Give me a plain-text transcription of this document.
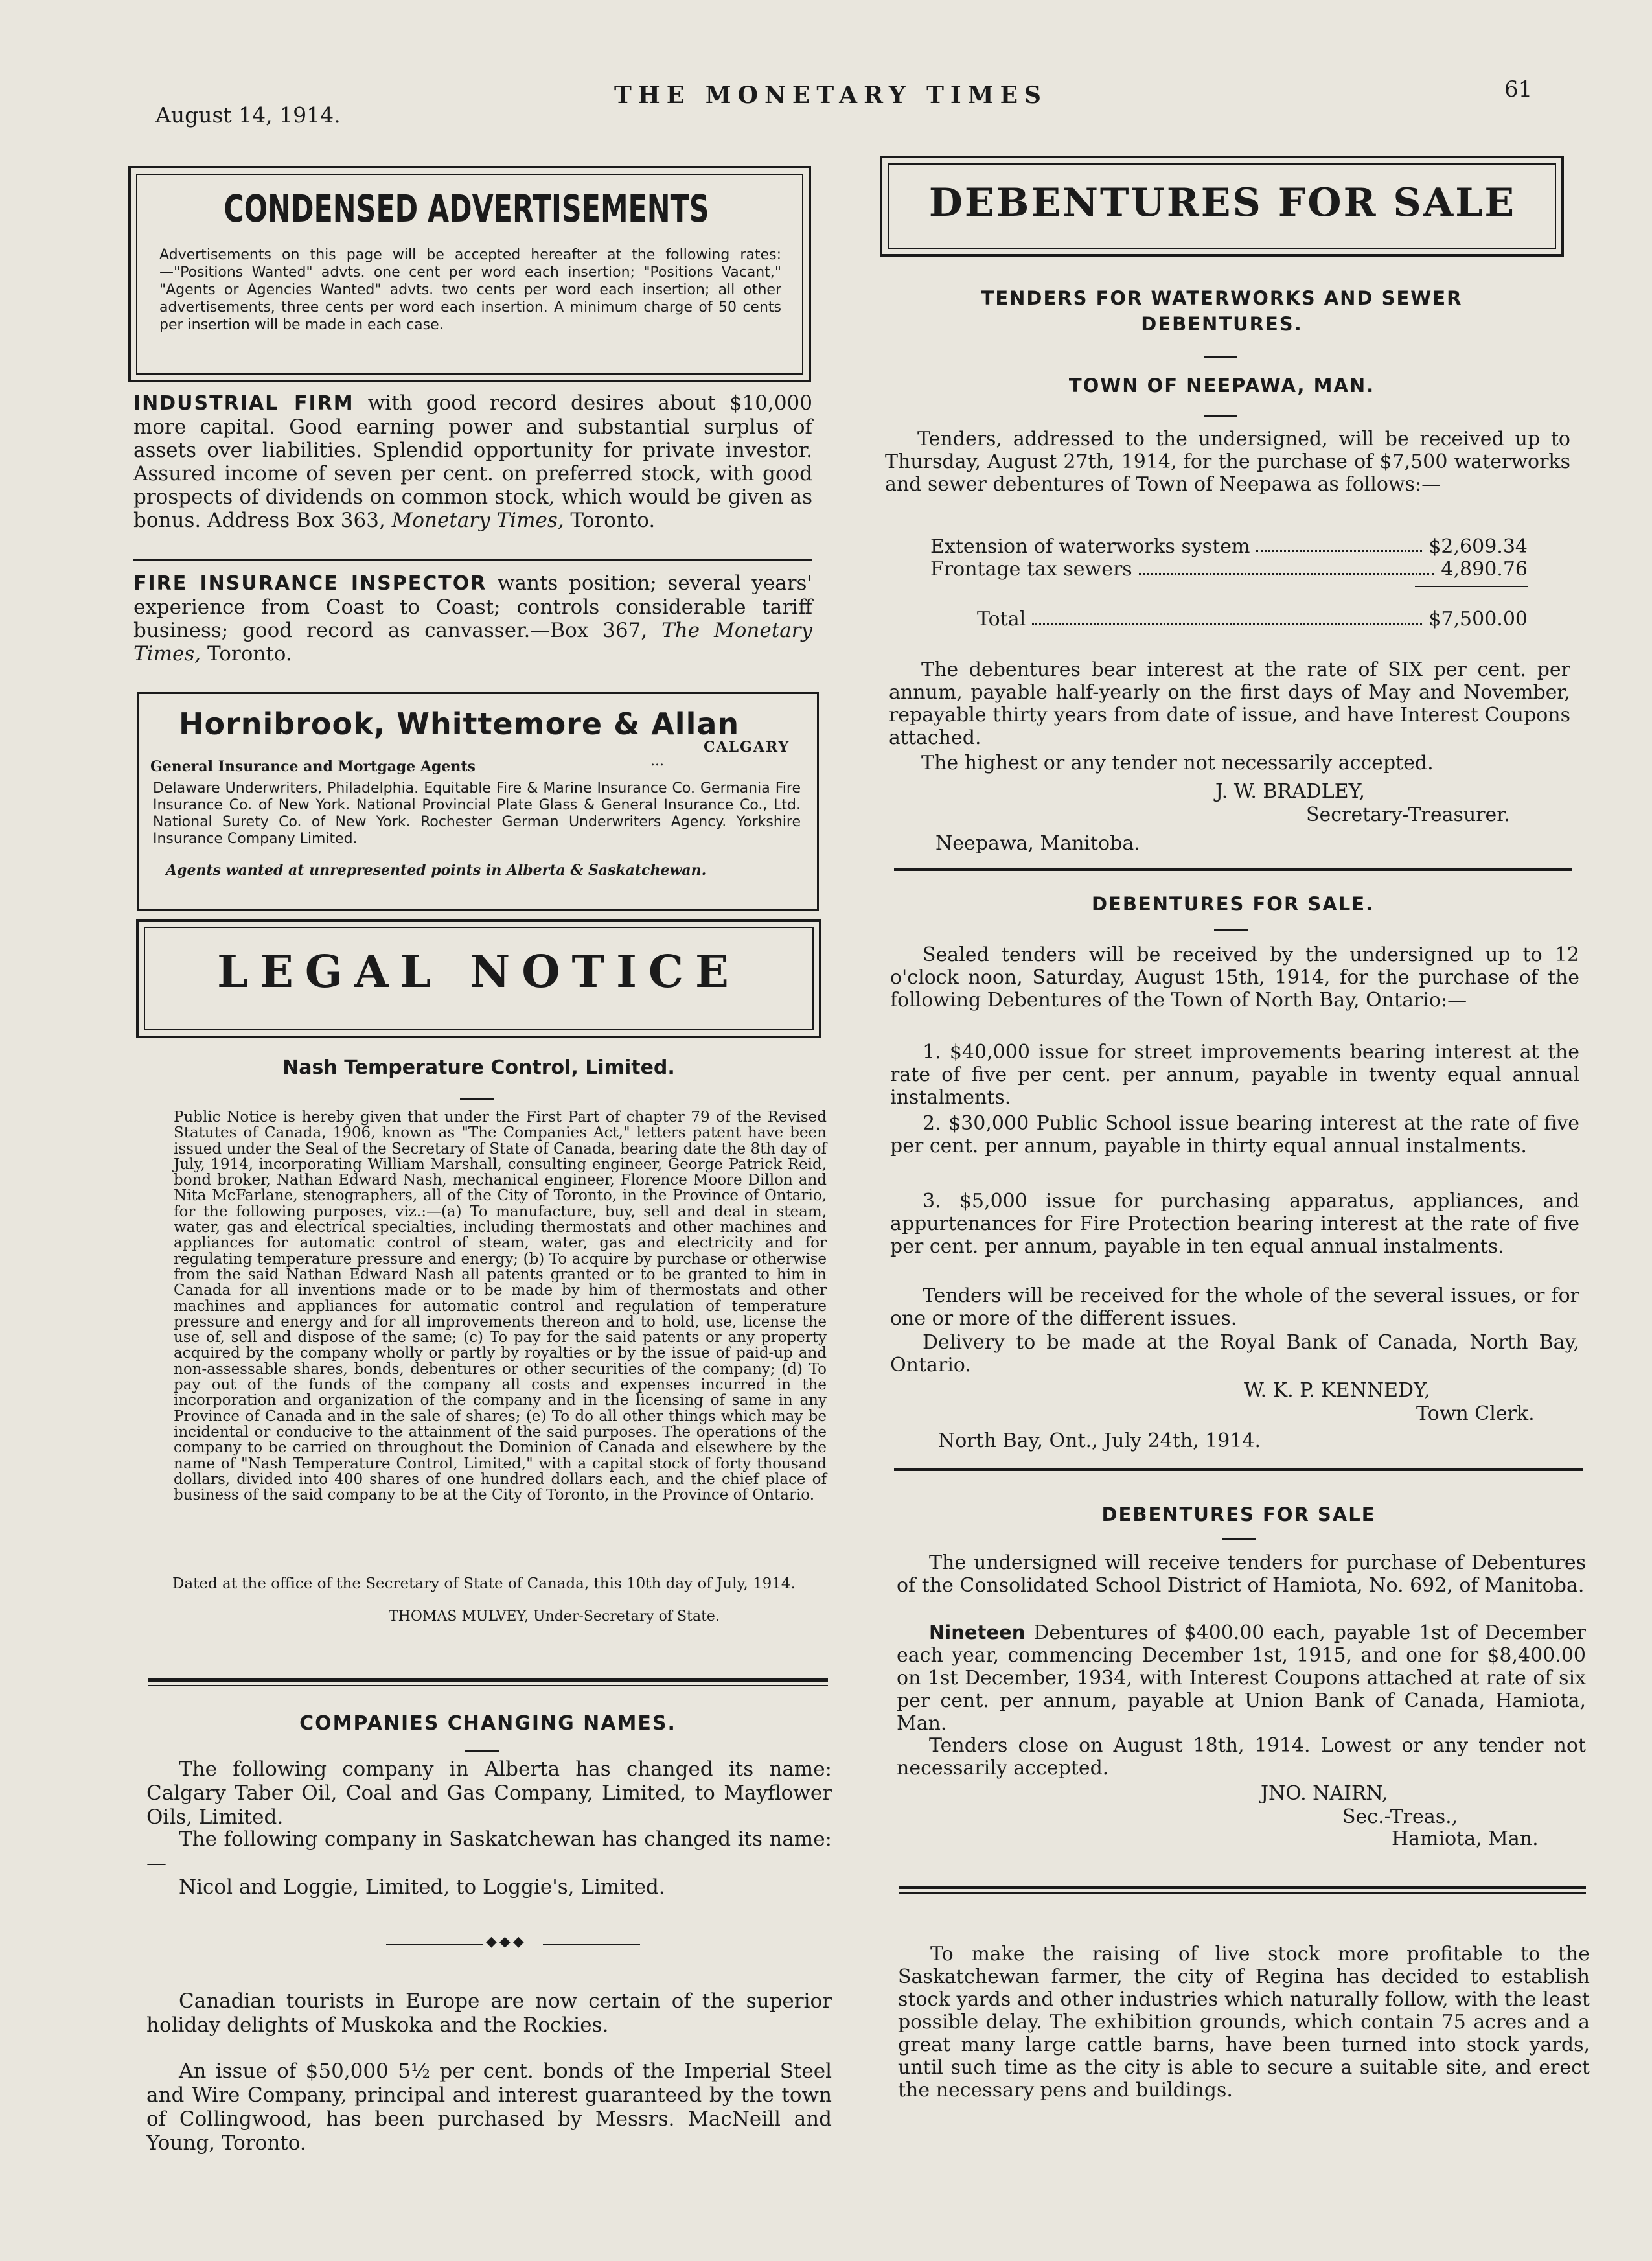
August 14, 1914.
THE MONETARY TIMES	61
CONDENSED ADVERTISEMENTS
Advertisements on this page will be accepted hereafter at the following rates:—"Positions Wanted" advts. one cent per word each insertion; "Positions Vacant," "Agents or Agencies Wanted" advts. two cents per word each insertion; all other advertisements, three cents per word each insertion. A minimum charge of 50 cents per insertion will be made in each case.
INDUSTRIAL FIRM with good record desires about $10,000 more capital. Good earning power and substantial surplus of assets over liabilities. Splendid opportunity for private investor. Assured income of seven per cent. on preferred stock, with good prospects of dividends on common stock, which would be given as bonus. Address Box 363, Monetary Times, Toronto.
FIRE INSURANCE INSPECTOR wants position; several years' experience from Coast to Coast; controls considerable tariff business; good record as canvasser.—Box 367, The Monetary Times, Toronto.
Hornibrook, Whittemore & Allan
General Insurance and Mortgage Agents	...
CALGARY
Delaware Underwriters, Philadelphia. Equitable Fire & Marine Insurance Co. Germania Fire Insurance Co. of New York. National Provincial Plate Glass & General Insurance Co., Ltd. National Surety Co. of New York. Rochester German Underwriters Agency. Yorkshire Insurance Company Limited.
Agents wanted at unrepresented points in Alberta & Saskatchewan.
LEGAL NOTICE
Nash Temperature Control, Limited.
Public Notice is hereby given that under the First Part of chapter 79 of the Revised Statutes of Canada, 1906, known as "The Companies Act," letters patent have been issued under the Seal of the Secretary of State of Canada, bearing date the 8th day of July, 1914, incorporating William Marshall, consulting engineer, George Patrick Reid, bond broker, Nathan Edward Nash, mechanical engineer, Florence Moore Dillon and Nita McFarlane, stenographers, all of the City of Toronto, in the Province of Ontario, for the following purposes, viz.:—(a) To manufacture, buy, sell and deal in steam, water, gas and electrical specialties, including thermostats and other machines and appliances for automatic control of steam, water, gas and electricity and for regulating temperature pressure and energy; (b) To acquire by purchase or otherwise from the said Nathan Edward Nash all patents granted or to be granted to him in Canada for all inventions made or to be made by him of thermostats and other machines and appliances for automatic control and regulation of temperature pressure and energy and for all improvements thereon and to hold, use, license the use of, sell and dispose of the same; (c) To pay for the said patents or any property acquired by the company wholly or partly by royalties or by the issue of paid-up and non-assessable shares, bonds, debentures or other securities of the company; (d) To pay out of the funds of the company all costs and expenses incurred in the incorporation and organization of the company and in the licensing of same in any Province of Canada and in the sale of shares; (e) To do all other things which may be incidental or conducive to the attainment of the said purposes. The operations of the company to be carried on throughout the Dominion of Canada and elsewhere by the name of "Nash Temperature Control, Limited," with a capital stock of forty thousand dollars, divided into 400 shares of one hundred dollars each, and the chief place of business of the said company to be at the City of Toronto, in the Province of Ontario.
Dated at the office of the Secretary of State of Canada, this 10th day of July, 1914.
THOMAS MULVEY, Under-Secretary of State.
COMPANIES CHANGING NAMES.
The following company in Alberta has changed its name: Calgary Taber Oil, Coal and Gas Company, Limited, to Mayflower Oils, Limited.
The following company in Saskatchewan has changed its name:—
Nicol and Loggie, Limited, to Loggie's, Limited.
◆◆◆
Canadian tourists in Europe are now certain of the superior holiday delights of Muskoka and the Rockies.
An issue of $50,000 5½ per cent. bonds of the Imperial Steel and Wire Company, principal and interest guaranteed by the town of Collingwood, has been purchased by Messrs. MacNeill and Young, Toronto.
DEBENTURES FOR SALE
TENDERS FOR WATERWORKS AND SEWER DEBENTURES.
TOWN OF NEEPAWA, MAN.
Tenders, addressed to the undersigned, will be received up to Thursday, August 27th, 1914, for the purchase of $7,500 waterworks and sewer debentures of Town of Neepawa as follows:—
Extension of waterworks system	$2,609.34
Frontage tax sewers	4,890.76
Total	$7,500.00
The debentures bear interest at the rate of SIX per cent. per annum, payable half-yearly on the first days of May and November, repayable thirty years from date of issue, and have Interest Coupons attached.
The highest or any tender not necessarily accepted.
J. W. BRADLEY,
Secretary-Treasurer.
Neepawa, Manitoba.
DEBENTURES FOR SALE.
Sealed tenders will be received by the undersigned up to 12 o'clock noon, Saturday, August 15th, 1914, for the purchase of the following Debentures of the Town of North Bay, Ontario:—
1. $40,000 issue for street improvements bearing interest at the rate of five per cent. per annum, payable in twenty equal annual instalments.
2. $30,000 Public School issue bearing interest at the rate of five per cent. per annum, payable in thirty equal annual instalments.
3. $5,000 issue for purchasing apparatus, appliances, and appurtenances for Fire Protection bearing interest at the rate of five per cent. per annum, payable in ten equal annual instalments.
Tenders will be received for the whole of the several issues, or for one or more of the different issues.
Delivery to be made at the Royal Bank of Canada, North Bay, Ontario.
W. K. P. KENNEDY,
Town Clerk.
North Bay, Ont., July 24th, 1914.
DEBENTURES FOR SALE
The undersigned will receive tenders for purchase of Debentures of the Consolidated School District of Hamiota, No. 692, of Manitoba.
Nineteen Debentures of $400.00 each, payable 1st of December each year, commencing December 1st, 1915, and one for $8,400.00 on 1st December, 1934, with Interest Coupons attached at rate of six per cent. per annum, payable at Union Bank of Canada, Hamiota, Man.
Tenders close on August 18th, 1914. Lowest or any tender not necessarily accepted.
JNO. NAIRN,
Sec.-Treas.,
Hamiota, Man.
To make the raising of live stock more profitable to the Saskatchewan farmer, the city of Regina has decided to establish stock yards and other industries which naturally follow, with the least possible delay. The exhibition grounds, which contain 75 acres and a great many large cattle barns, have been turned into stock yards, until such time as the city is able to secure a suitable site, and erect the necessary pens and buildings.
